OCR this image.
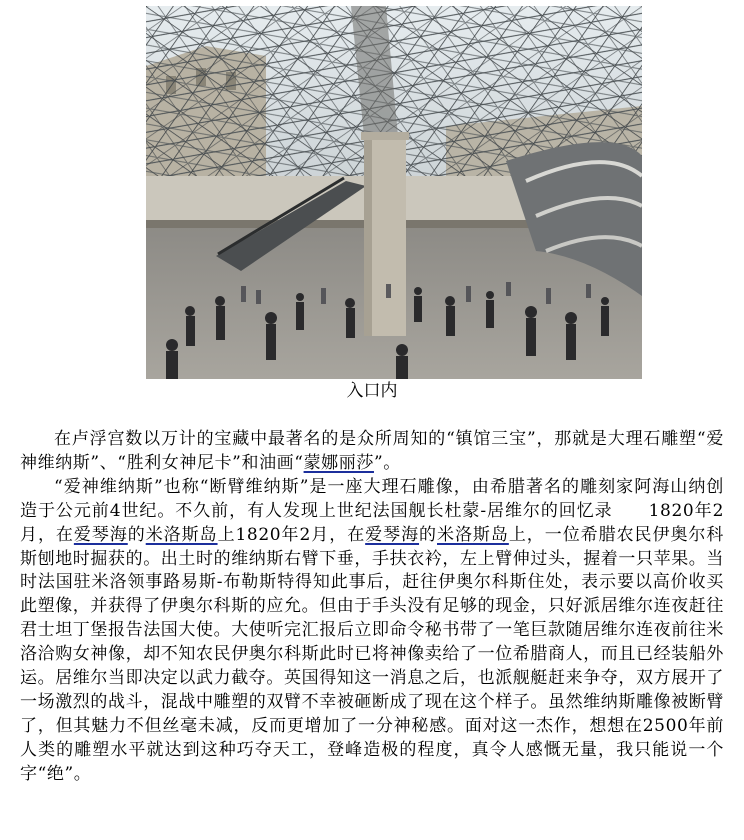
入口内

在卢浮宫数以万计的宝藏中最著名的是众所周知的“镇馆三宝”，那就是大理石雕塑“爱神维纳斯”、“胜利女神尼卡”和油画“蒙娜丽莎”。

“爱神维纳斯”也称“断臂维纳斯”是一座大理石雕像，由希腊著名的雕刻家阿海山纳创造于公元前4世纪。不久前，有人发现上世纪法国舰长杜蒙-居维尔的回忆录 1820年2月，在爱琴海的米洛斯岛上1820年2月，在爱琴海的米洛斯岛上，一位希腊农民伊奥尔科斯刨地时掘获的。出土时的维纳斯右臂下垂，手扶衣衿，左上臂伸过头，握着一只苹果。当时法国驻米洛领事路易斯-布勒斯特得知此事后，赶往伊奥尔科斯住处，表示要以高价收买此塑像，并获得了伊奥尔科斯的应允。但由于手头没有足够的现金，只好派居维尔连夜赶往君士坦丁堡报告法国大使。大使听完汇报后立即命令秘书带了一笔巨款随居维尔连夜前往米洛洽购女神像，却不知农民伊奥尔科斯此时已将神像卖给了一位希腊商人，而且已经装船外运。居维尔当即决定以武力截夺。英国得知这一消息之后，也派舰艇赶来争夺，双方展开了一场激烈的战斗，混战中雕塑的双臂不幸被砸断成了现在这个样子。虽然维纳斯雕像被断臂了，但其魅力不但丝毫未减，反而更增加了一分神秘感。面对这一杰作，想想在2500年前人类的雕塑水平就达到这种巧夺天工，登峰造极的程度，真令人感慨无量，我只能说一个字“绝”。
